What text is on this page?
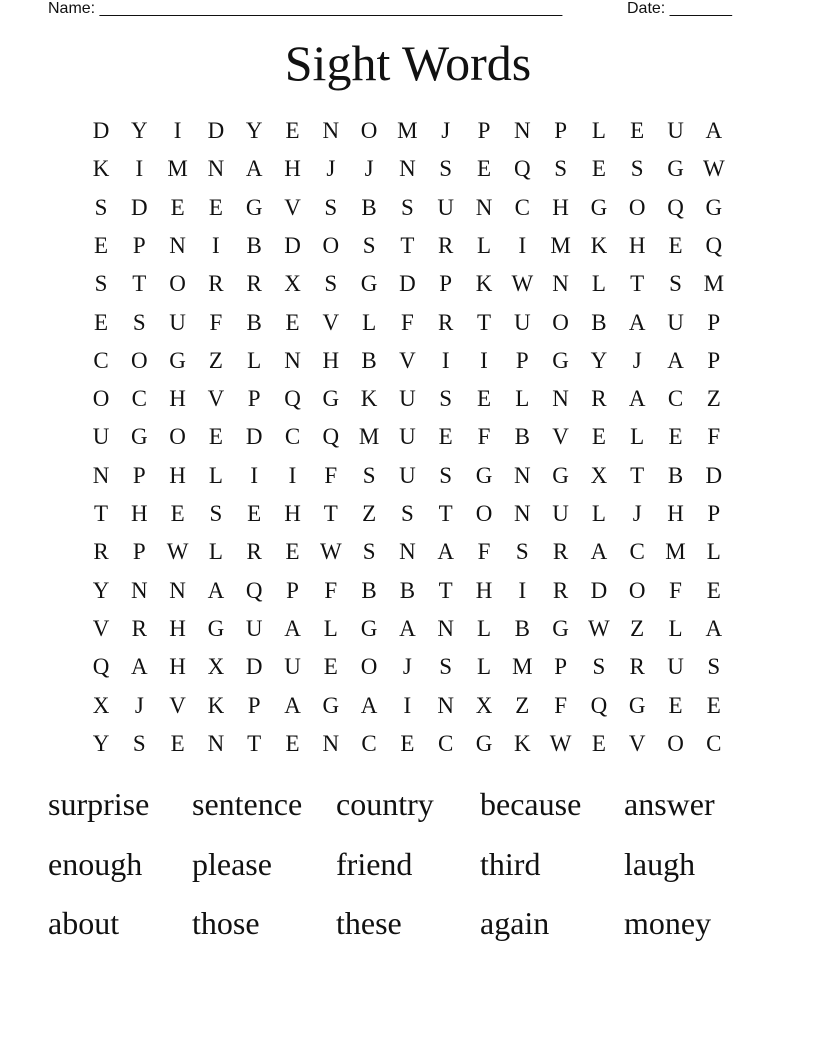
Name: ____________________________________________________	Date: _______
Sight Words
D Y	I	D Y E N O M	J	P	N	P	L	E U A
K	I	M N A H	J	J	N	S	E Q	S	E	S	G W
S	D E	E G V	S	B	S	U N C H G O Q G
E	P	N	I	B D O	S	T	R	L	I	M K H E Q
S	T O R R X	S	G D	P	K W N L	T	S M
E	S	U	F	B	E V L	F	R	T U O B A U	P
C O G Z	L N H B V	I	I	P	G Y	J	A	P
O C H V	P	Q G K U	S	E	L N R A C	Z
U G O E D C Q M U E	F	B V E	L	E	F
N	P	H L	I	I	F	S	U	S	G N G X T	B D
T H E	S	E H T	Z	S	T O N U L	J	H	P
R	P W L	R	E W S	N A	F	S	R A C M L
Y N N A Q	P	F	B B	T H	I	R D O	F	E
V R H G U A L G A N L	B G W Z	L A
Q A H X D U E O	J	S	L M P	S	R U	S
X	J	V K	P	A G A	I	N X Z	F	Q G E	E
Y	S	E N T	E N C	E	C G K W E V O C
surprise sentence country because answer
enough please friend third	laugh
about those these again money
